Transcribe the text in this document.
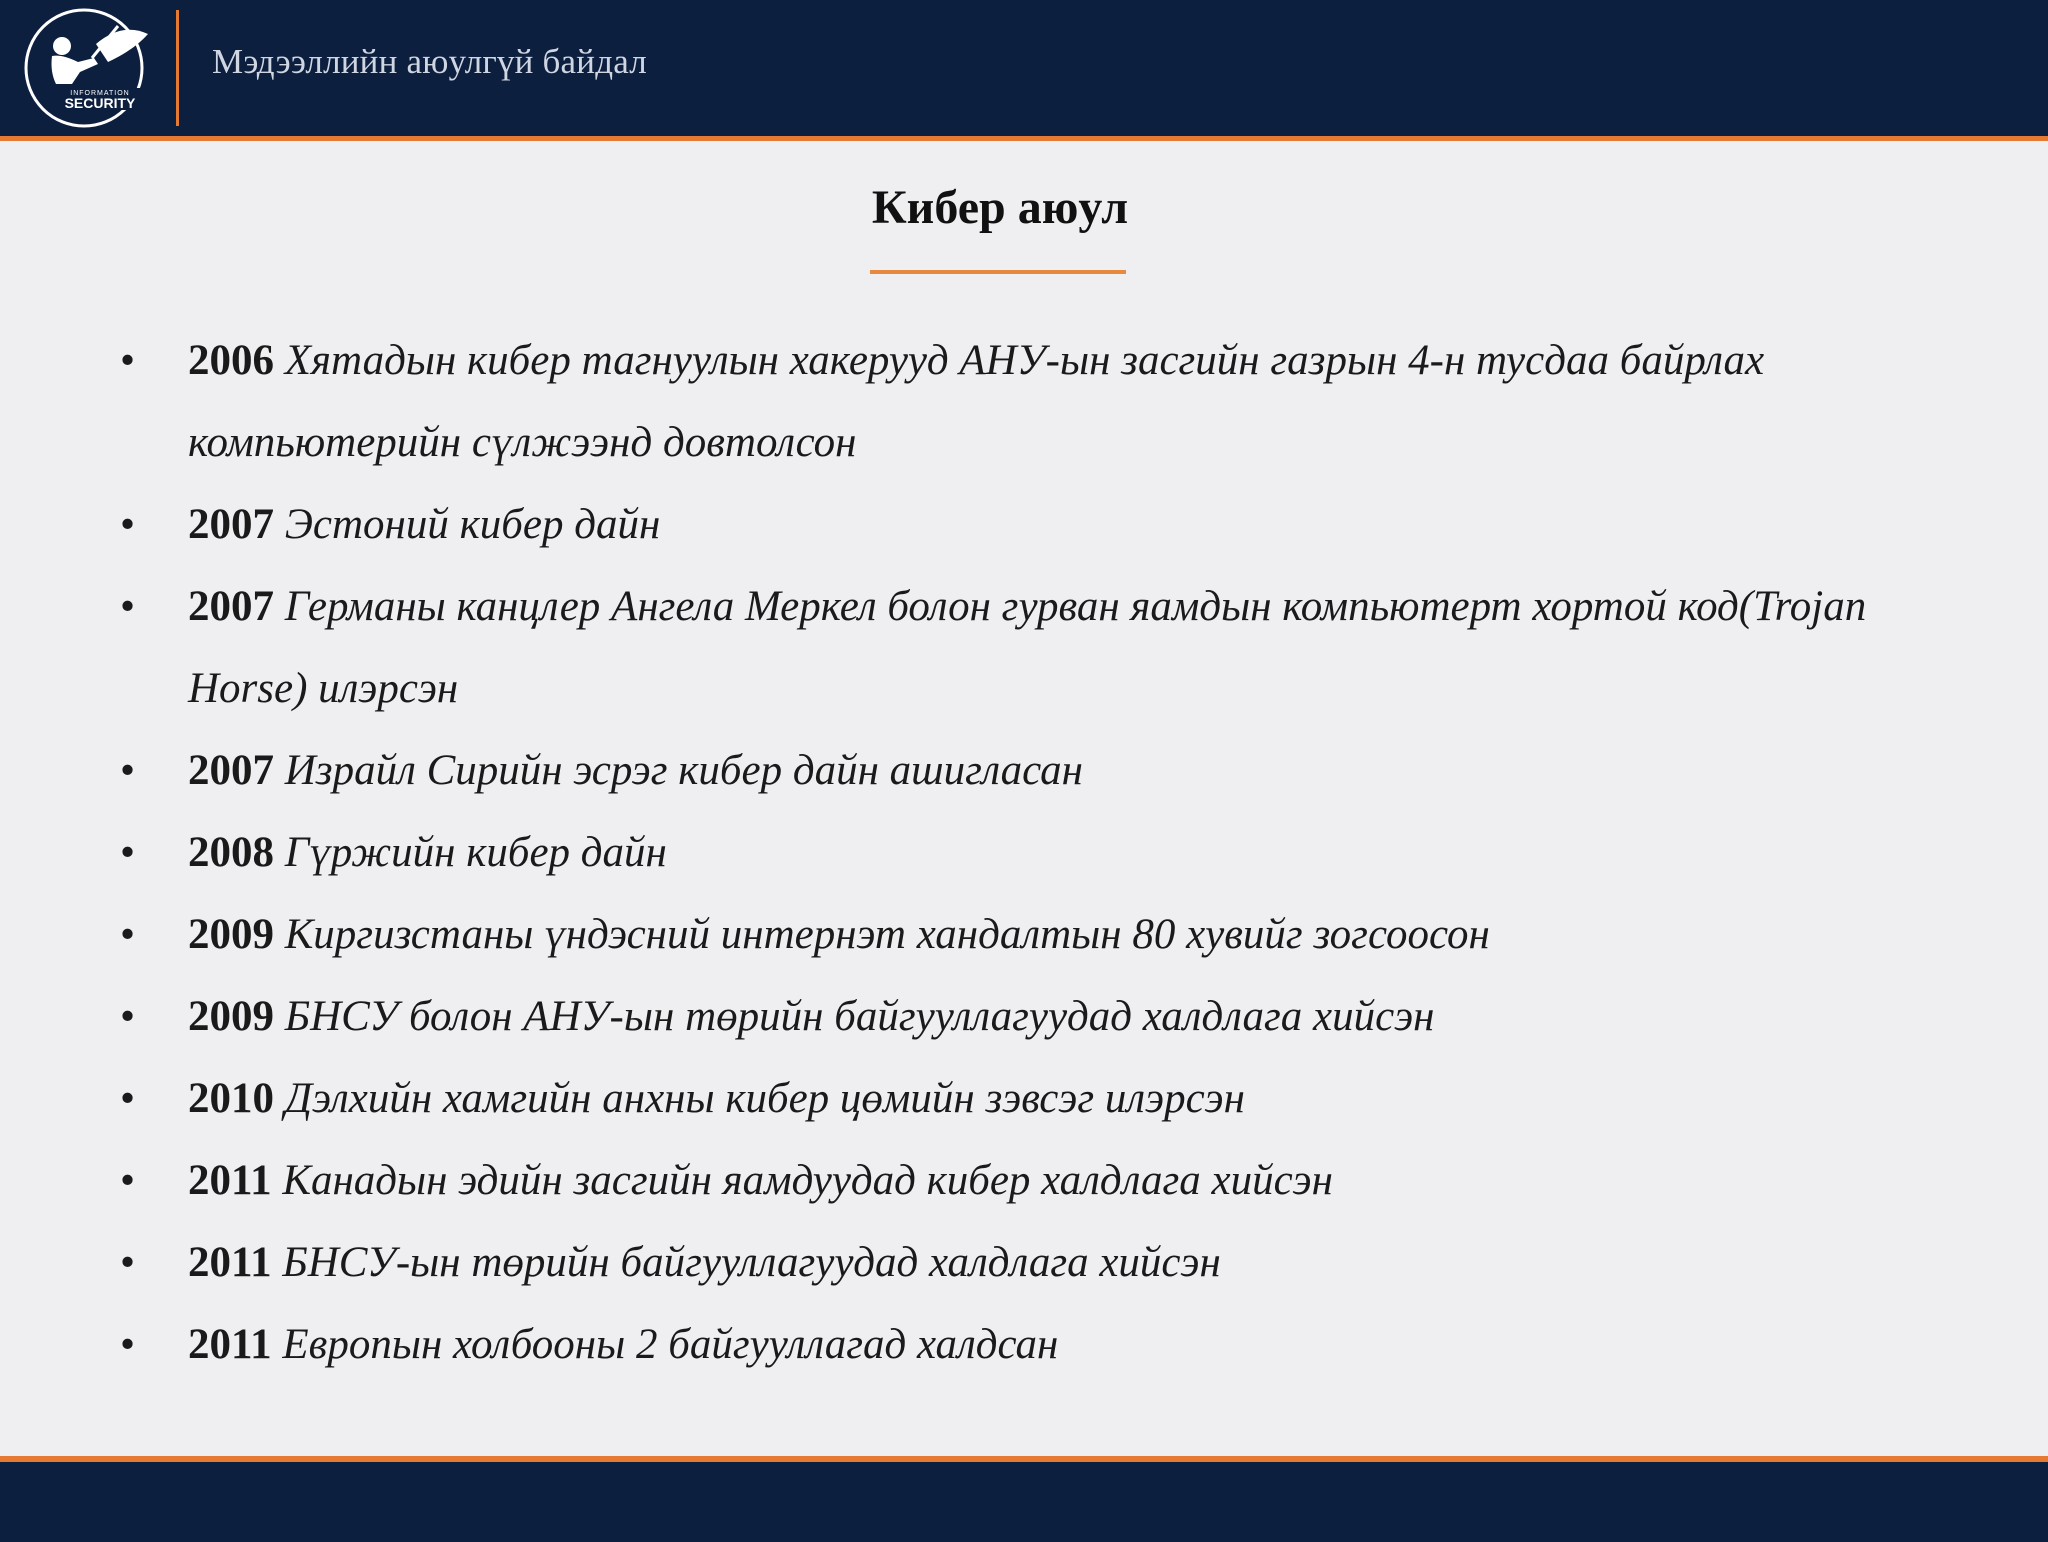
INFORMATION
SECURITY
Мэдээллийн аюулгүй байдал
Кибер аюул
• 2006 Хятадын кибер тагнуулын хакерууд АНУ-ын засгийн газрын 4-н тусдаа байрлах компьютерийн сүлжээнд довтолсон
• 2007 Эстоний кибер дайн
• 2007 Германы канцлер Ангела Меркел болон гурван яамдын компьютерт хортой код(Trojan Horse) илэрсэн
• 2007 Израйл Сирийн эсрэг кибер дайн ашигласан
• 2008 Гүржийн кибер дайн
• 2009 Киргизстаны үндэсний интернэт хандалтын 80 хувийг зогсоосон
• 2009 БНСУ болон АНУ-ын төрийн байгууллагуудад халдлага хийсэн
• 2010 Дэлхийн хамгийн анхны кибер цөмийн зэвсэг илэрсэн
• 2011 Канадын эдийн засгийн яамдуудад кибер халдлага хийсэн
• 2011 БНСУ-ын төрийн байгууллагуудад халдлага хийсэн
• 2011 Европын холбооны 2 байгууллагад халдсан
